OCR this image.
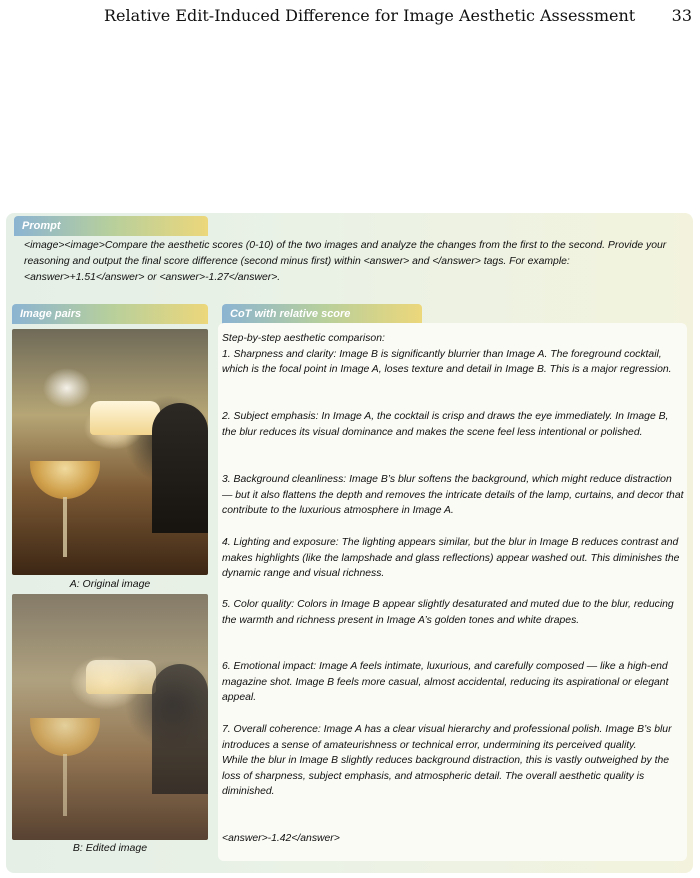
Relative Edit-Induced Difference for Image Aesthetic Assessment 33
Prompt
<image><image>Compare the aesthetic scores (0-10) of the two images and analyze the changes from the first to the second. Provide your reasoning and output the final score difference (second minus first) within <answer> and </answer> tags. For example: <answer>+1.51</answer> or <answer>-1.27</answer>.
Image pairs	CoT with relative score
A: Original image
B: Edited image
Step-by-step aesthetic comparison:
1. Sharpness and clarity: Image B is significantly blurrier than Image A. The foreground cocktail, which is the focal point in Image A, loses texture and detail in Image B. This is a major regression.
2. Subject emphasis: In Image A, the cocktail is crisp and draws the eye immediately. In Image B, the blur reduces its visual dominance and makes the scene feel less intentional or polished.
3. Background cleanliness: Image B’s blur softens the background, which might reduce distraction — but it also flattens the depth and removes the intricate details of the lamp, curtains, and decor that contribute to the luxurious atmosphere in Image A.
4. Lighting and exposure: The lighting appears similar, but the blur in Image B reduces contrast and makes highlights (like the lampshade and glass reflections) appear washed out. This diminishes the dynamic range and visual richness.
5. Color quality: Colors in Image B appear slightly desaturated and muted due to the blur, reducing the warmth and richness present in Image A’s golden tones and white drapes.
6. Emotional impact: Image A feels intimate, luxurious, and carefully composed — like a high-end magazine shot. Image B feels more casual, almost accidental, reducing its aspirational or elegant appeal.
7. Overall coherence: Image A has a clear visual hierarchy and professional polish. Image B’s blur introduces a sense of amateurishness or technical error, undermining its perceived quality.
While the blur in Image B slightly reduces background distraction, this is vastly outweighed by the loss of sharpness, subject emphasis, and atmospheric detail. The overall aesthetic quality is diminished.
<answer>-1.42</answer>
